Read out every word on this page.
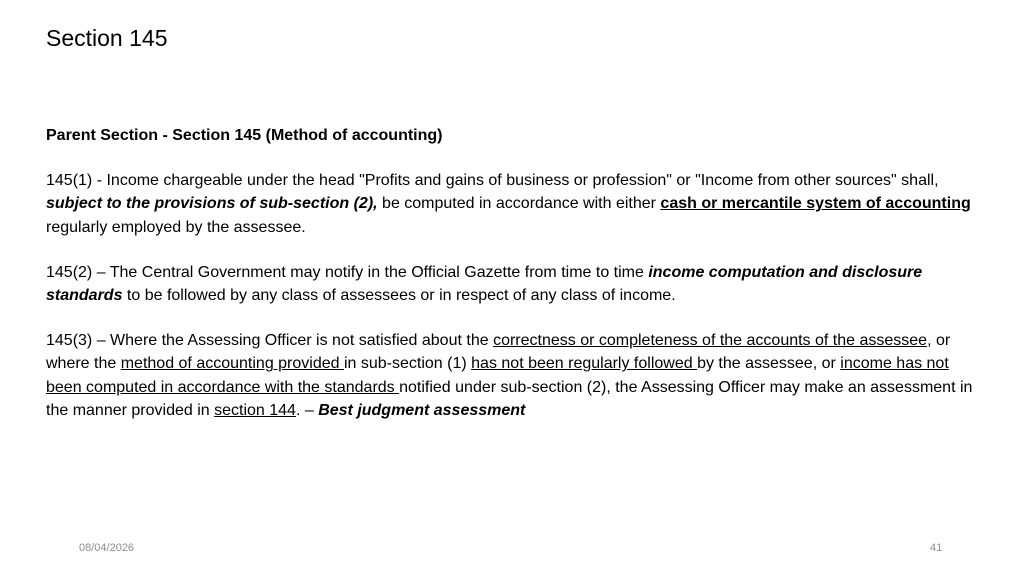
Section 145

Parent Section - Section 145 (Method of accounting)

145(1) - Income chargeable under the head "Profits and gains of business or profession" or "Income from other sources" shall, subject to the provisions of sub-section (2), be computed in accordance with either cash or mercantile system of accounting regularly employed by the assessee.

145(2) – The Central Government may notify in the Official Gazette from time to time income computation and disclosure standards to be followed by any class of assessees or in respect of any class of income.

145(3) – Where the Assessing Officer is not satisfied about the correctness or completeness of the accounts of the assessee, or where the method of accounting provided in sub-section (1) has not been regularly followed by the assessee, or income has not been computed in accordance with the standards notified under sub-section (2), the Assessing Officer may make an assessment in the manner provided in section 144. – Best judgment assessment

08/04/2026	41
